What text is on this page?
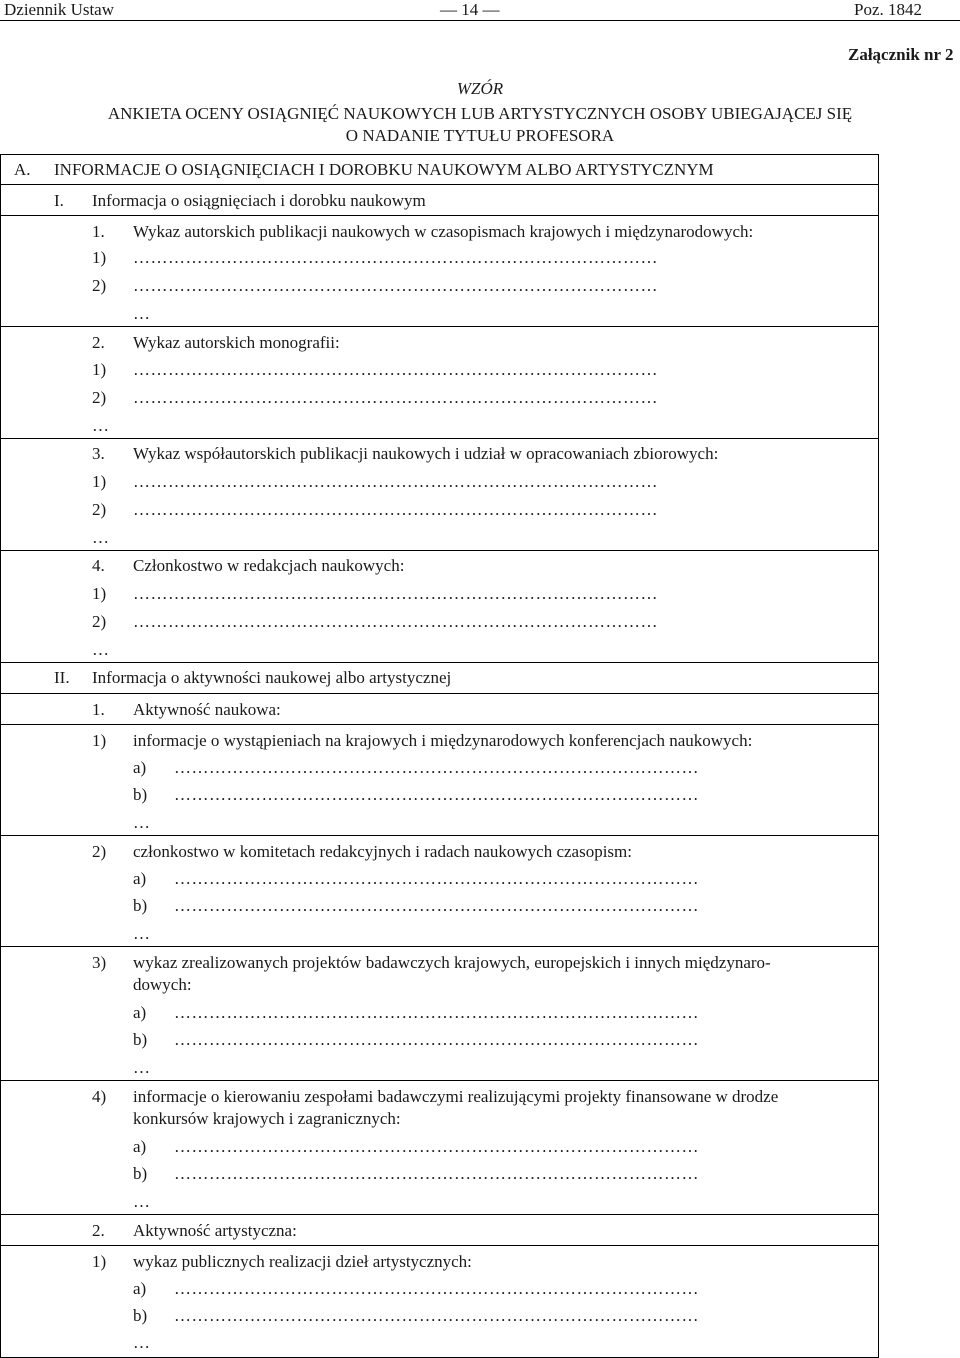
Dziennik Ustaw	— 14 —	Poz. 1842
Załącznik nr 2
WZÓR
ANKIETA OCENY OSIĄGNIĘĆ NAUKOWYCH LUB ARTYSTYCZNYCH OSOBY UBIEGAJĄCEJ SIĘ
O NADANIE TYTUŁU PROFESORA
A. INFORMACJE O OSIĄGNIĘCIACH I DOROBKU NAUKOWYM ALBO ARTYSTYCZNYM
I. Informacja o osiągnięciach i dorobku naukowym
1. Wykaz autorskich publikacji naukowych w czasopismach krajowych i międzynarodowych:
1) ………………………………………………………………………………
2) ………………………………………………………………………………
…
2. Wykaz autorskich monografii:
1) ………………………………………………………………………………
2) ………………………………………………………………………………
…
3. Wykaz współautorskich publikacji naukowych i udział w opracowaniach zbiorowych:
1) ………………………………………………………………………………
2) ………………………………………………………………………………
…
4. Członkostwo w redakcjach naukowych:
1) ………………………………………………………………………………
2) ………………………………………………………………………………
…
II. Informacja o aktywności naukowej albo artystycznej
1. Aktywność naukowa:
1) informacje o wystąpieniach na krajowych i międzynarodowych konferencjach naukowych:
a) ………………………………………………………………………………
b) ………………………………………………………………………………
…
2) członkostwo w komitetach redakcyjnych i radach naukowych czasopism:
a) ………………………………………………………………………………
b) ………………………………………………………………………………
…
3) wykaz zrealizowanych projektów badawczych krajowych, europejskich i innych międzynaro-
dowych:
a) ………………………………………………………………………………
b) ………………………………………………………………………………
…
4) informacje o kierowaniu zespołami badawczymi realizującymi projekty finansowane w drodze
konkursów krajowych i zagranicznych:
a) ………………………………………………………………………………
b) ………………………………………………………………………………
…
2. Aktywność artystyczna:
1) wykaz publicznych realizacji dzieł artystycznych:
a) ………………………………………………………………………………
b) ………………………………………………………………………………
…
